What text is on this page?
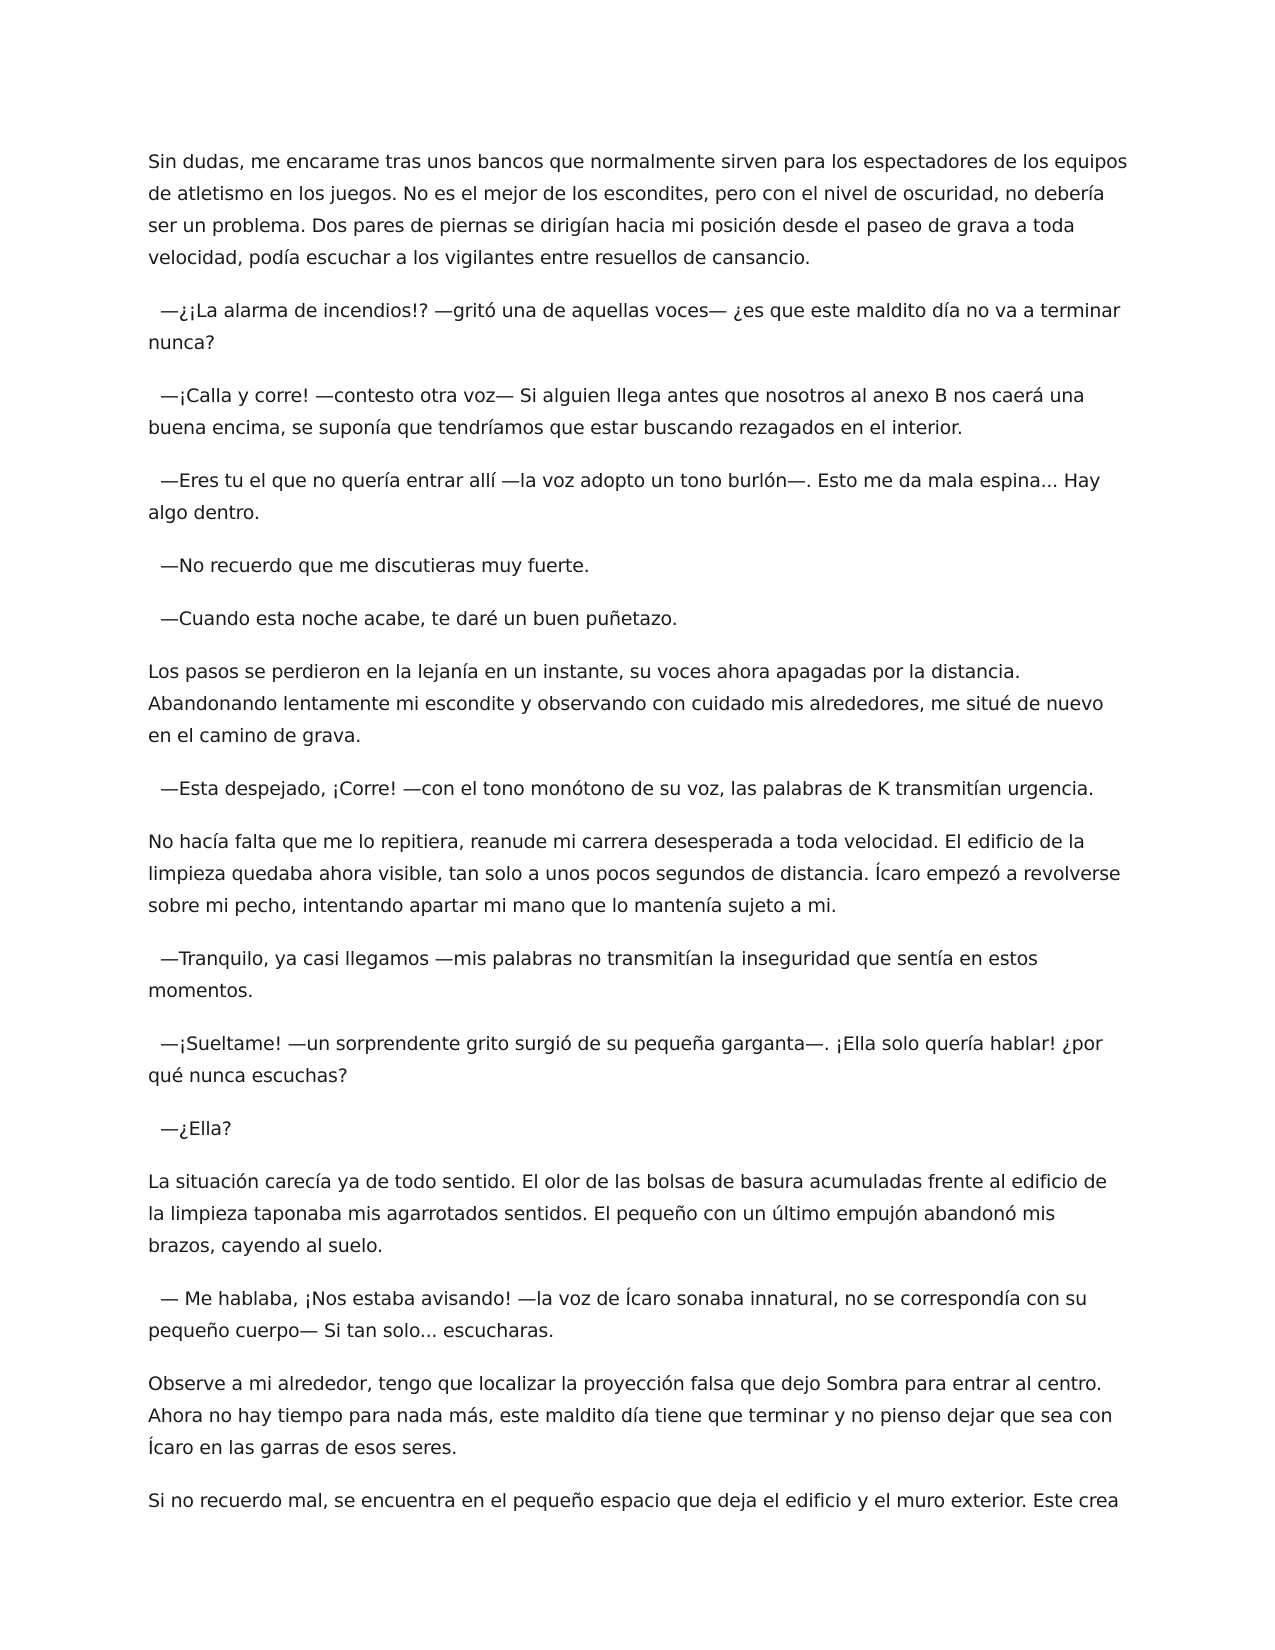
Sin dudas, me encarame tras unos bancos que normalmente sirven para los espectadores de los equipos de atletismo en los juegos. No es el mejor de los escondites, pero con el nivel de oscuridad, no debería ser un problema. Dos pares de piernas se dirigían hacia mi posición desde el paseo de grava a toda velocidad, podía escuchar a los vigilantes entre resuellos de cansancio.

—¿¡La alarma de incendios!? —gritó una de aquellas voces— ¿es que este maldito día no va a terminar nunca?

—¡Calla y corre! —contesto otra voz— Si alguien llega antes que nosotros al anexo B nos caerá una buena encima, se suponía que tendríamos que estar buscando rezagados en el interior.

—Eres tu el que no quería entrar allí —la voz adopto un tono burlón—. Esto me da mala espina... Hay algo dentro.

—No recuerdo que me discutieras muy fuerte.

—Cuando esta noche acabe, te daré un buen puñetazo.

Los pasos se perdieron en la lejanía en un instante, su voces ahora apagadas por la distancia. Abandonando lentamente mi escondite y observando con cuidado mis alrededores, me situé de nuevo en el camino de grava.

—Esta despejado, ¡Corre! —con el tono monótono de su voz, las palabras de K transmitían urgencia.

No hacía falta que me lo repitiera, reanude mi carrera desesperada a toda velocidad. El edificio de la limpieza quedaba ahora visible, tan solo a unos pocos segundos de distancia. Ícaro empezó a revolverse sobre mi pecho, intentando apartar mi mano que lo mantenía sujeto a mi.

—Tranquilo, ya casi llegamos —mis palabras no transmitían la inseguridad que sentía en estos momentos.

—¡Sueltame! —un sorprendente grito surgió de su pequeña garganta—. ¡Ella solo quería hablar! ¿por qué nunca escuchas?

—¿Ella?

La situación carecía ya de todo sentido. El olor de las bolsas de basura acumuladas frente al edificio de la limpieza taponaba mis agarrotados sentidos. El pequeño con un último empujón abandonó mis brazos, cayendo al suelo.

— Me hablaba, ¡Nos estaba avisando! —la voz de Ícaro sonaba innatural, no se correspondía con su pequeño cuerpo— Si tan solo... escucharas.

Observe a mi alrededor, tengo que localizar la proyección falsa que dejo Sombra para entrar al centro. Ahora no hay tiempo para nada más, este maldito día tiene que terminar y no pienso dejar que sea con Ícaro en las garras de esos seres.

Si no recuerdo mal, se encuentra en el pequeño espacio que deja el edificio y el muro exterior. Este crea
